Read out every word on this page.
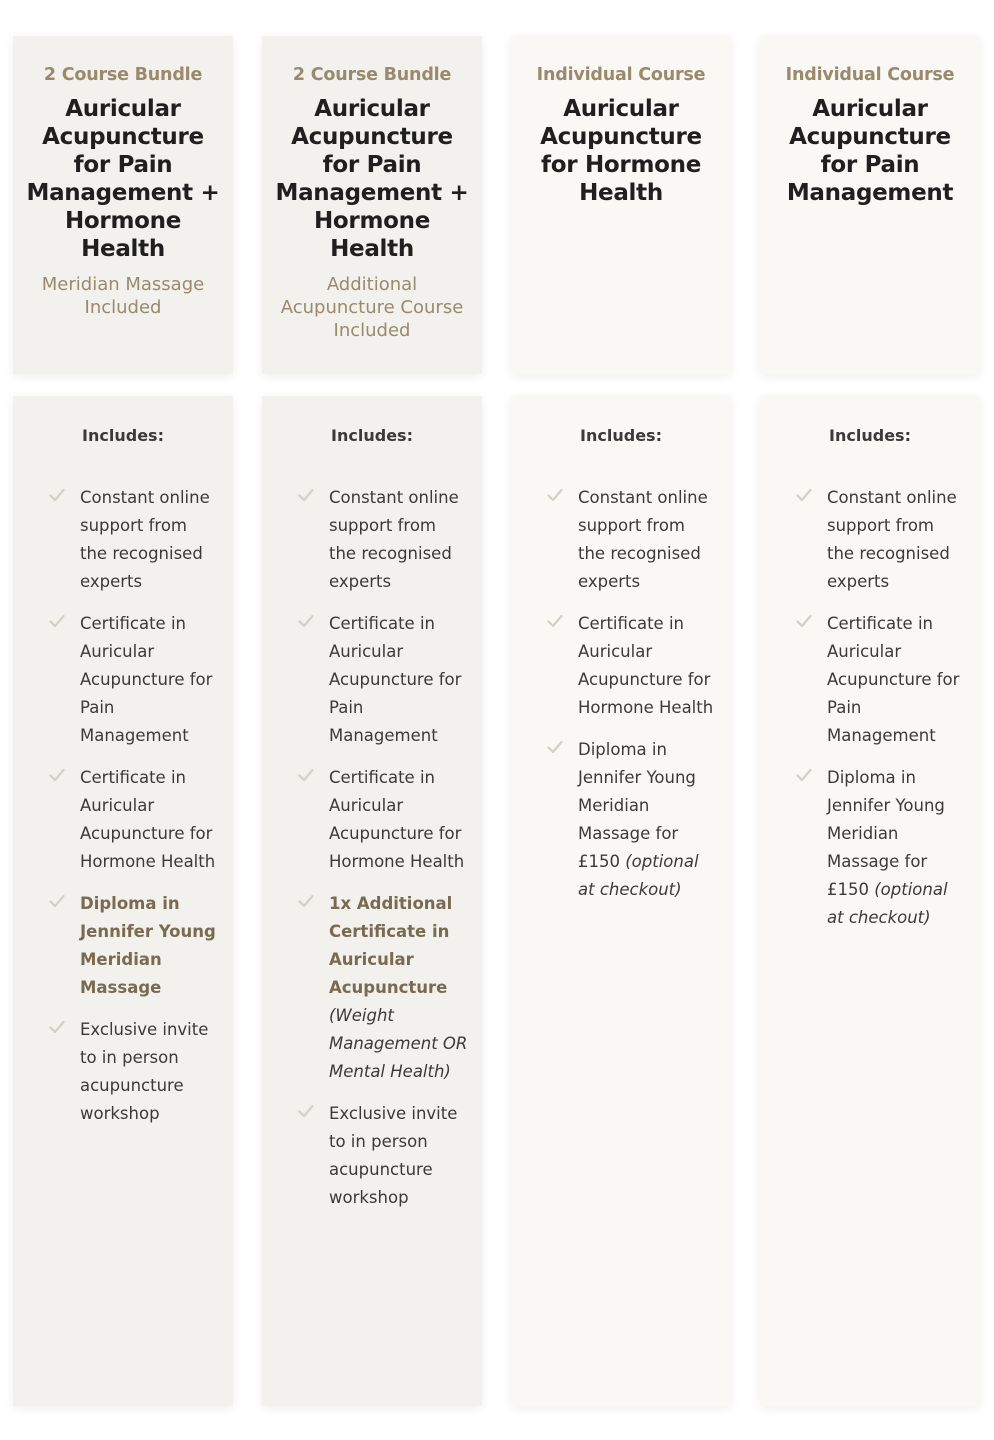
2 Course Bundle
Auricular Acupuncture for Pain Management + Hormone Health
Meridian Massage Included
Includes:
Constant online support from the recognised experts
Certificate in Auricular Acupuncture for Pain Management
Certificate in Auricular Acupuncture for Hormone Health
Diploma in Jennifer Young Meridian Massage
Exclusive invite to in person acupuncture workshop
2 Course Bundle
Auricular Acupuncture for Pain Management + Hormone Health
Additional Acupuncture Course Included
Includes:
Constant online support from the recognised experts
Certificate in Auricular Acupuncture for Pain Management
Certificate in Auricular Acupuncture for Hormone Health
1x Additional Certificate in Auricular Acupuncture (Weight Management OR Mental Health)
Exclusive invite to in person acupuncture workshop
Individual Course
Auricular Acupuncture for Hormone Health
Includes:
Constant online support from the recognised experts
Certificate in Auricular Acupuncture for Hormone Health
Diploma in Jennifer Young Meridian Massage for £150 (optional at checkout)
Individual Course
Auricular Acupuncture for Pain Management
Includes:
Constant online support from the recognised experts
Certificate in Auricular Acupuncture for Pain Management
Diploma in Jennifer Young Meridian Massage for £150 (optional at checkout)
